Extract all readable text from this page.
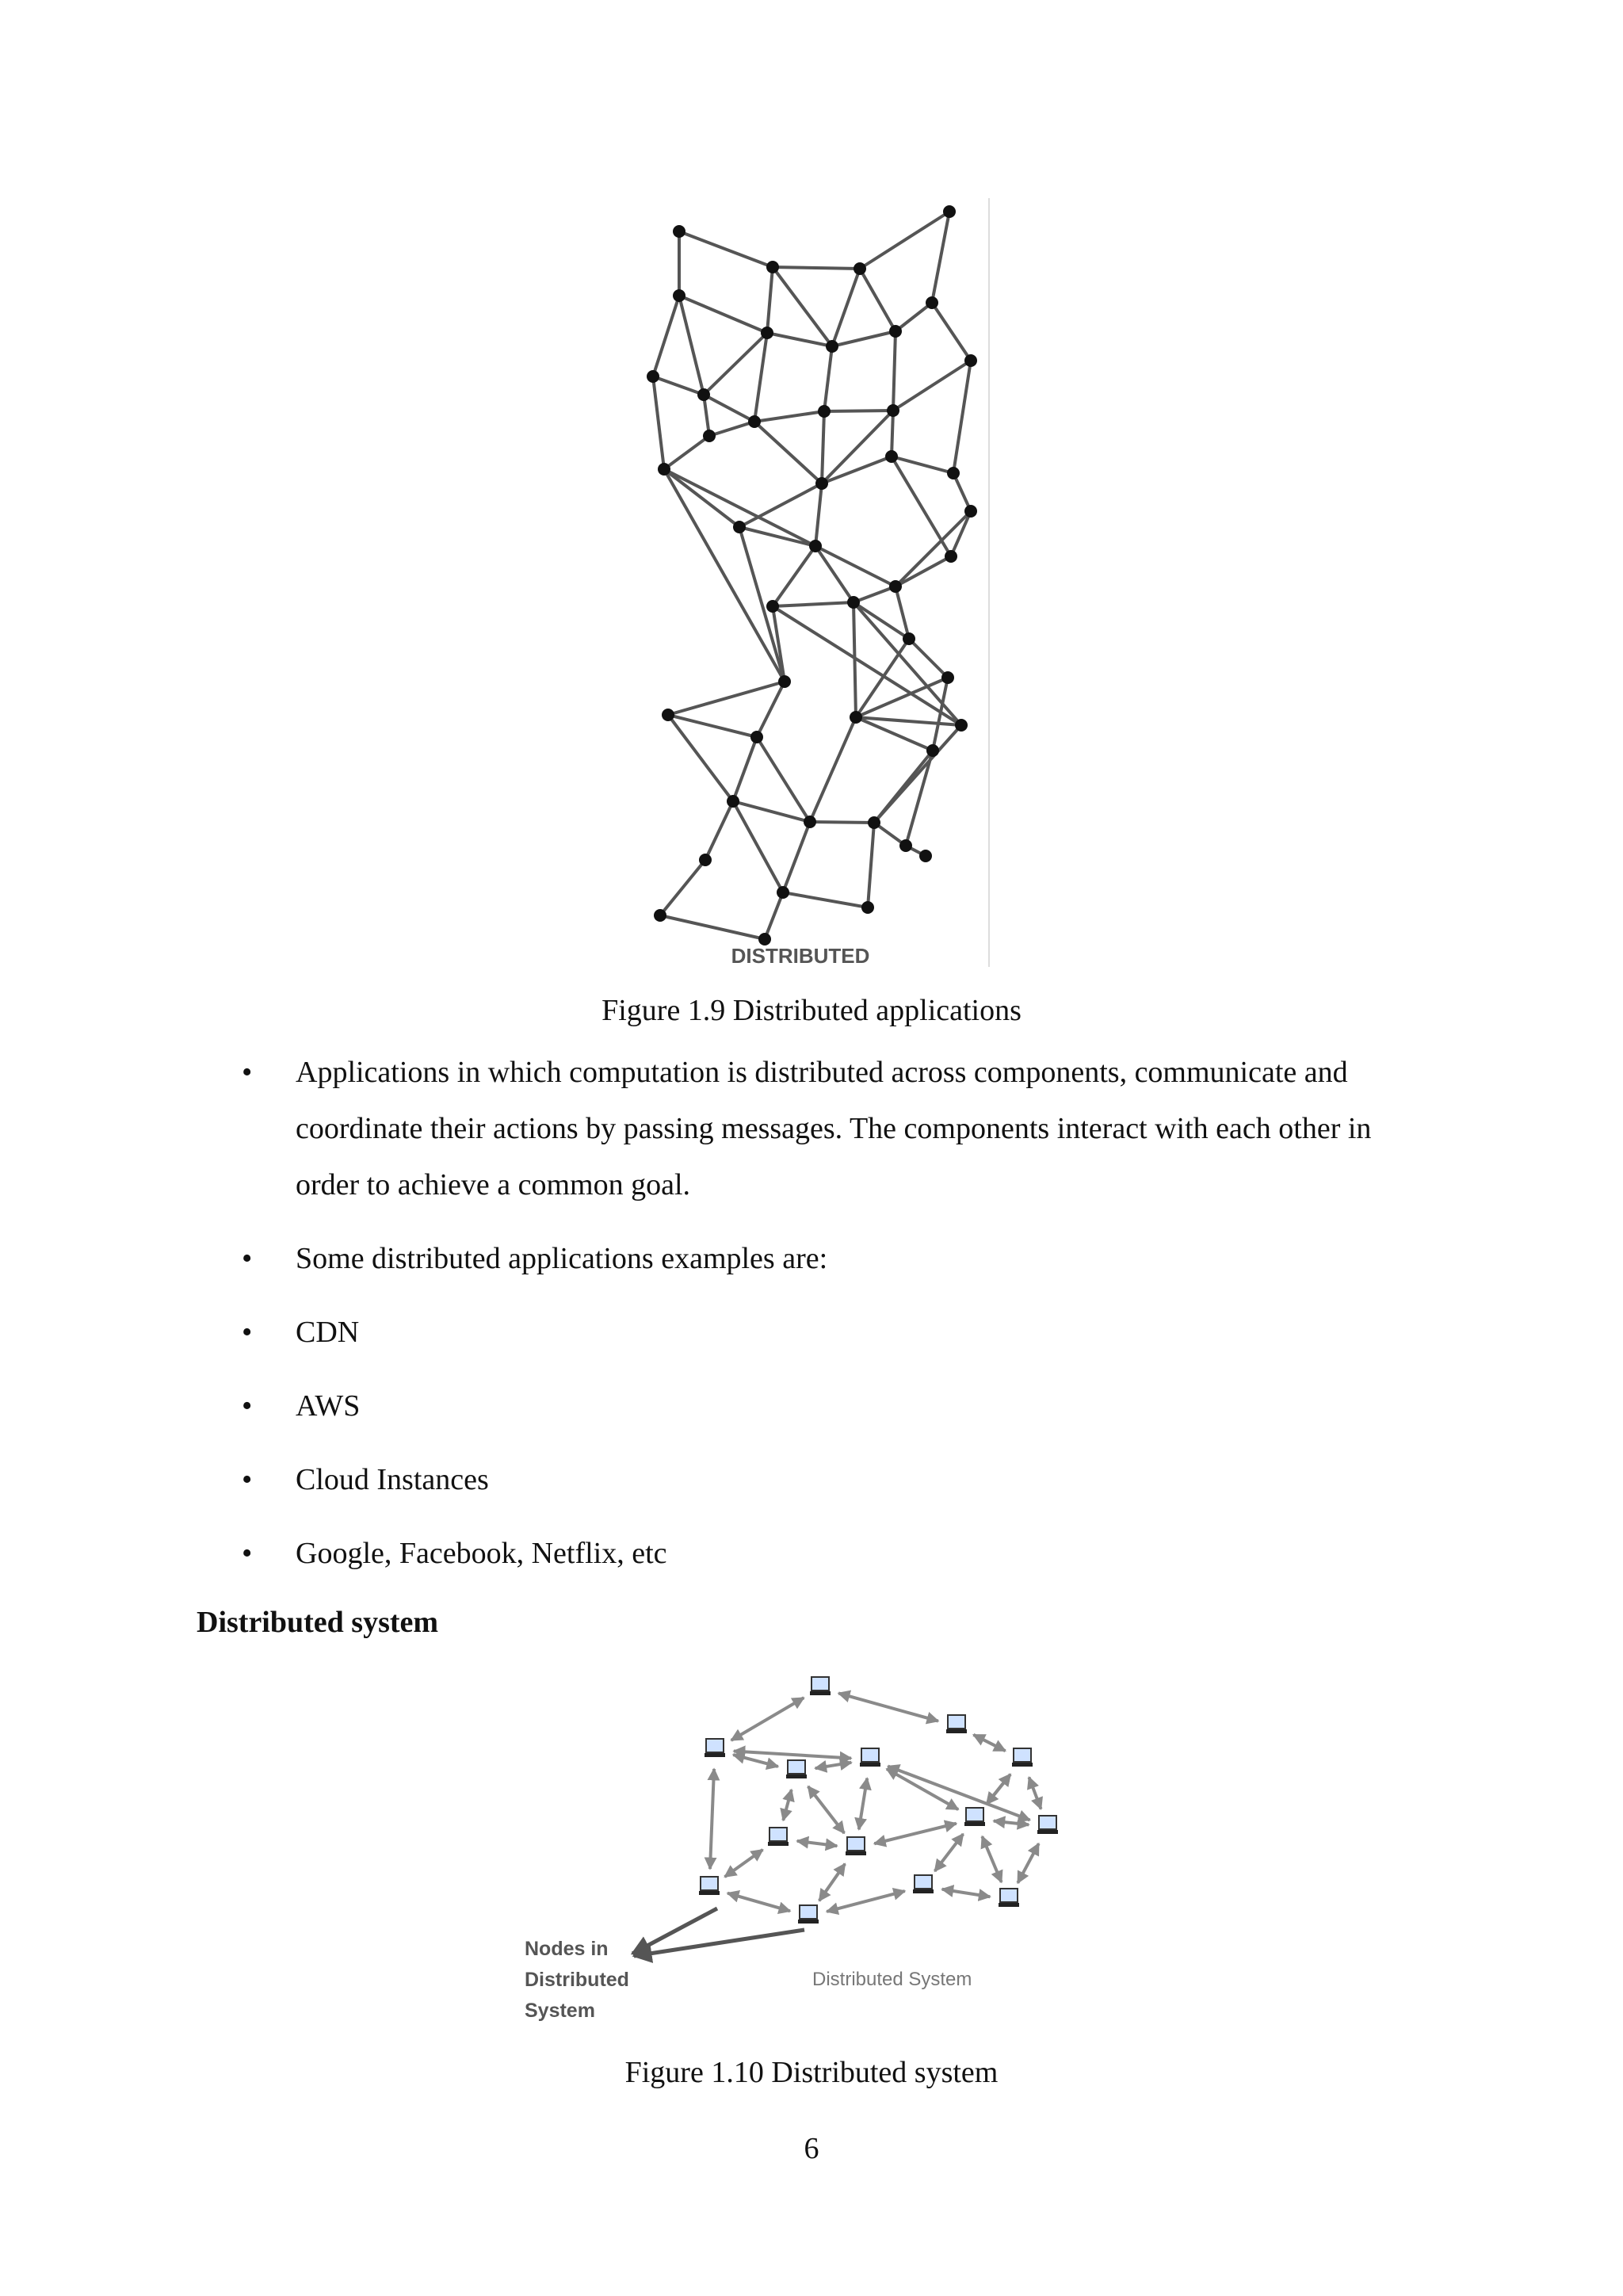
DISTRIBUTED
Figure 1.9 Distributed applications
• Applications in which computation is distributed across components, communicate and coordinate their actions by passing messages. The components interact with each other in order to achieve a common goal.
• Some distributed applications examples are:
• CDN
• AWS
• Cloud Instances
• Google, Facebook, Netflix, etc
Distributed system
Nodes in
Distributed
System
Distributed System
Figure 1.10 Distributed system
6
